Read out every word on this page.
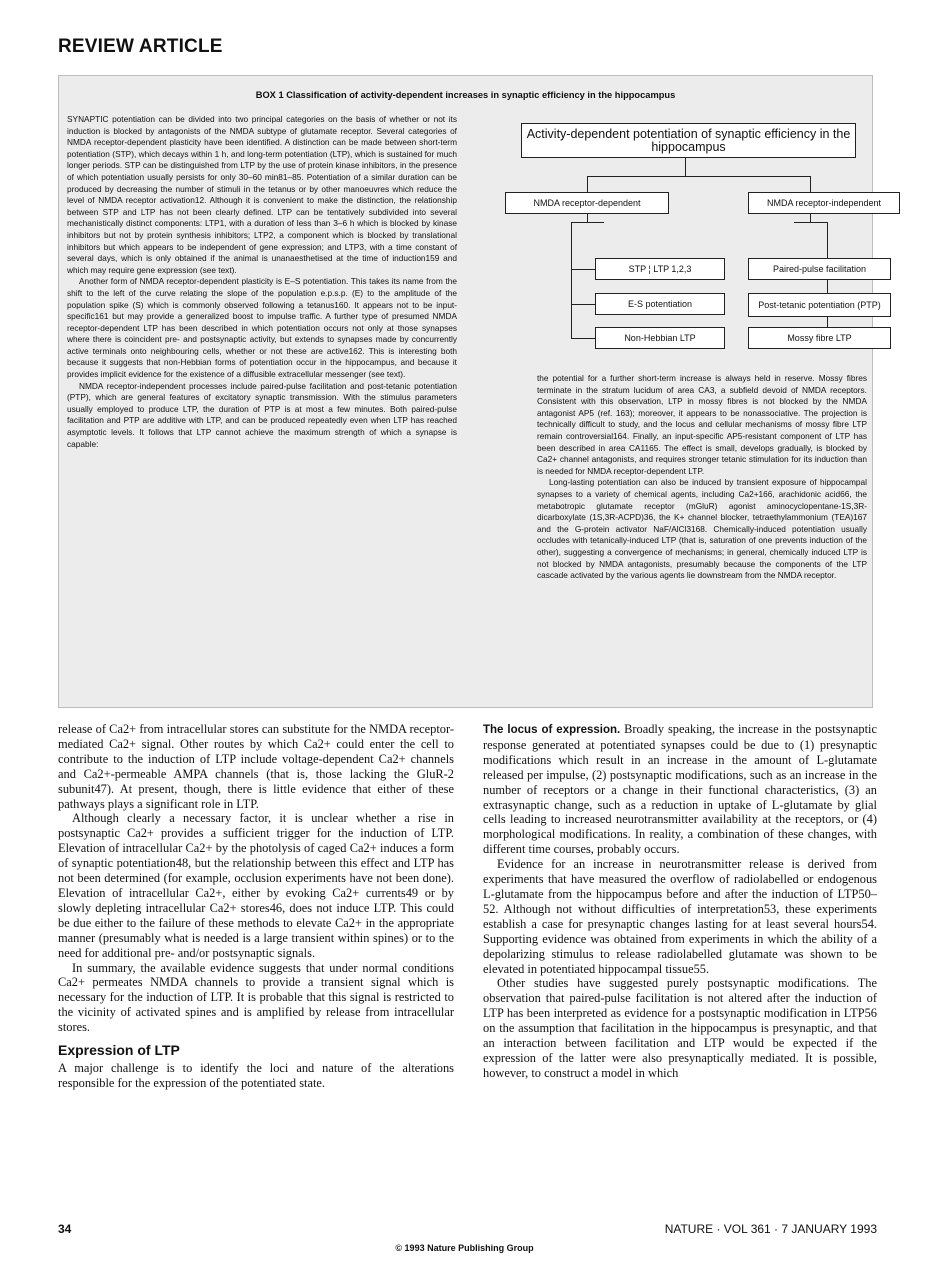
REVIEW ARTICLE
BOX 1 Classification of activity-dependent increases in synaptic efficiency in the hippocampus

SYNAPTIC potentiation can be divided into two principal categories on the basis of whether or not its induction is blocked by antagonists of the NMDA subtype of glutamate receptor. Several categories of NMDA receptor-dependent plasticity have been identified. A distinction can be made between short-term potentiation (STP), which decays within 1 h, and long-term potentiation (LTP), which is sustained for much longer periods. STP can be distinguished from LTP by the use of protein kinase inhibitors, in the presence of which potentiation usually persists for only 30–60 min81–85. Potentiation of a similar duration can be produced by decreasing the number of stimuli in the tetanus or by other manoeuvres which reduce the level of NMDA receptor activation12. Although it is convenient to make the distinction, the relationship between STP and LTP has not been clearly defined. LTP can be tentatively subdivided into several mechanistically distinct components: LTP1, with a duration of less than 3–6 h which is blocked by kinase inhibitors but not by protein synthesis inhibitors; LTP2, a component which is blocked by translational inhibitors but which appears to be independent of gene expression; and LTP3, with a time constant of several days, which is only obtained if the animal is unanaesthetised at the time of induction159 and which may require gene expression (see text).

Another form of NMDA receptor-dependent plasticity is E–S potentiation. This takes its name from the shift to the left of the curve relating the slope of the population e.p.s.p. (E) to the amplitude of the population spike (S) which is commonly observed following a tetanus160. It appears not to be input-specific161 but may provide a generalized boost to impulse traffic. A further type of presumed NMDA receptor-dependent LTP has been described in which potentiation occurs not only at those synapses where there is coincident pre- and postsynaptic activity, but extends to synapses made by concurrently active terminals onto neighbouring cells, whether or not these are active162. This is interesting both because it suggests that non-Hebbian forms of potentiation occur in the hippocampus, and because it provides implicit evidence for the existence of a diffusible extracellular messenger (see text).

NMDA receptor-independent processes include paired-pulse facilitation and post-tetanic potentiation (PTP), which are general features of excitatory synaptic transmission. With the stimulus parameters usually employed to produce LTP, the duration of PTP is at most a few minutes. Both paired-pulse facilitation and PTP are additive with LTP, and can be produced repeatedly even when LTP has reached asymptotic levels. It follows that LTP cannot achieve the maximum strength of which a synapse is capable:

Activity-dependent potentiation of synaptic efficiency in the hippocampus
NMDA receptor-dependent	NMDA receptor-independent
STP ¦ LTP 1,2,3
E-S potentiation
Non-Hebbian LTP
Paired-pulse facilitation
Post-tetanic potentiation (PTP)
Mossy fibre LTP

the potential for a further short-term increase is always held in reserve. Mossy fibres terminate in the stratum lucidum of area CA3, a subfield devoid of NMDA receptors. Consistent with this observation, LTP in mossy fibres is not blocked by the NMDA antagonist AP5 (ref. 163); moreover, it appears to be nonassociative. The projection is technically difficult to study, and the locus and cellular mechanisms of mossy fibre LTP remain controversial164. Finally, an input-specific AP5-resistant component of LTP has been described in area CA1165. The effect is small, develops gradually, is blocked by Ca2+ channel antagonists, and requires stronger tetanic stimulation for its induction than is needed for NMDA receptor-dependent LTP.

Long-lasting potentiation can also be induced by transient exposure of hippocampal synapses to a variety of chemical agents, including Ca2+166, arachidonic acid66, the metabotropic glutamate receptor (mGluR) agonist aminocyclopentane-1S,3R-dicarboxylate (1S,3R-ACPD)36, the K+ channel blocker, tetraethylammonium (TEA)167 and the G-protein activator NaF/AlCl3168. Chemically-induced potentiation usually occludes with tetanically-induced LTP (that is, saturation of one prevents induction of the other), suggesting a convergence of mechanisms; in general, chemically induced LTP is not blocked by NMDA antagonists, presumably because the components of the LTP cascade activated by the various agents lie downstream from the NMDA receptor.

release of Ca2+ from intracellular stores can substitute for the NMDA receptor-mediated Ca2+ signal. Other routes by which Ca2+ could enter the cell to contribute to the induction of LTP include voltage-dependent Ca2+ channels and Ca2+-permeable AMPA channels (that is, those lacking the GluR-2 subunit47). At present, though, there is little evidence that either of these pathways plays a significant role in LTP.

Although clearly a necessary factor, it is unclear whether a rise in postsynaptic Ca2+ provides a sufficient trigger for the induction of LTP. Elevation of intracellular Ca2+ by the photolysis of caged Ca2+ induces a form of synaptic potentiation48, but the relationship between this effect and LTP has not been determined (for example, occlusion experiments have not been done). Elevation of intracellular Ca2+, either by evoking Ca2+ currents49 or by slowly depleting intracellular Ca2+ stores46, does not induce LTP. This could be due either to the failure of these methods to elevate Ca2+ in the appropriate manner (presumably what is needed is a large transient within spines) or to the need for additional pre- and/or postsynaptic signals.

In summary, the available evidence suggests that under normal conditions Ca2+ permeates NMDA channels to provide a transient signal which is necessary for the induction of LTP. It is probable that this signal is restricted to the vicinity of activated spines and is amplified by release from intracellular stores.

Expression of LTP

A major challenge is to identify the loci and nature of the alterations responsible for the expression of the potentiated state.

The locus of expression. Broadly speaking, the increase in the postsynaptic response generated at potentiated synapses could be due to (1) presynaptic modifications which result in an increase in the amount of L-glutamate released per impulse, (2) postsynaptic modifications, such as an increase in the number of receptors or a change in their functional characteristics, (3) an extrasynaptic change, such as a reduction in uptake of L-glutamate by glial cells leading to increased neurotransmitter availability at the receptors, or (4) morphological modifications. In reality, a combination of these changes, with different time courses, probably occurs.

Evidence for an increase in neurotransmitter release is derived from experiments that have measured the overflow of radiolabelled or endogenous L-glutamate from the hippocampus before and after the induction of LTP50–52. Although not without difficulties of interpretation53, these experiments establish a case for presynaptic changes lasting for at least several hours54. Supporting evidence was obtained from experiments in which the ability of a depolarizing stimulus to release radiolabelled glutamate was shown to be elevated in potentiated hippocampal tissue55.

Other studies have suggested purely postsynaptic modifications. The observation that paired-pulse facilitation is not altered after the induction of LTP has been interpreted as evidence for a postsynaptic modification in LTP56 on the assumption that facilitation in the hippocampus is presynaptic, and that an interaction between facilitation and LTP would be expected if the expression of the latter were also presynaptically mediated. It is possible, however, to construct a model in which

34	NATURE · VOL 361 · 7 JANUARY 1993
© 1993 Nature Publishing Group
